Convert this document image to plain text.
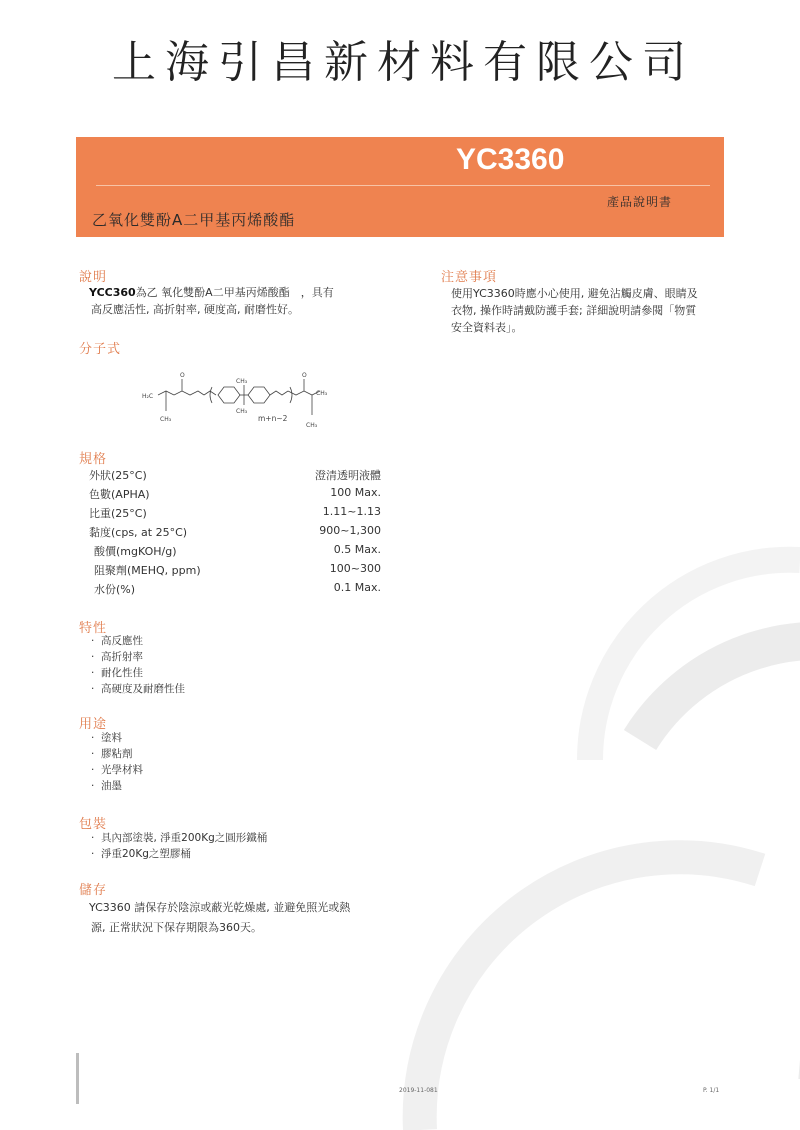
上海引昌新材料有限公司
YC3360
產品說明書
乙氧化雙酚A二甲基丙烯酸酯
說明
YCC360為乙 氧化雙酚A二甲基丙烯酸酯　，具有
高反應活性, 高折射率, 硬度高, 耐磨性好。
分子式
H₂C
O
CH₃
CH₃
CH₃
O
CH₃
CH₃
m+n~2
規格
外狀(25°C)	澄清透明液體
色數(APHA)	100 Max.
比重(25°C)	1.11~1.13
黏度(cps, at 25°C)	900~1,300
酸價(mgKOH/g)	0.5 Max.
阻聚劑(MEHQ, ppm)	100~300
水份(%)	0.1 Max.
特性
· 高反應性
· 高折射率
· 耐化性佳
· 高硬度及耐磨性佳
用途
· 塗料
· 膠粘劑
· 光學材料
· 油墨
包裝
· 具內部塗裝, 淨重200Kg之圓形鐵桶
· 淨重20Kg之塑膠桶
儲存
YC3360 請保存於陰涼或蔽光乾燥處, 並避免照光或熱
源, 正常狀況下保存期限為360天。
注意事項
使用YC3360時應小心使用, 避免沾觸皮膚、眼睛及
衣物, 操作時請戴防護手套; 詳細說明請參閱「物質
安全資料表」。
2019-11-081	P. 1/1
